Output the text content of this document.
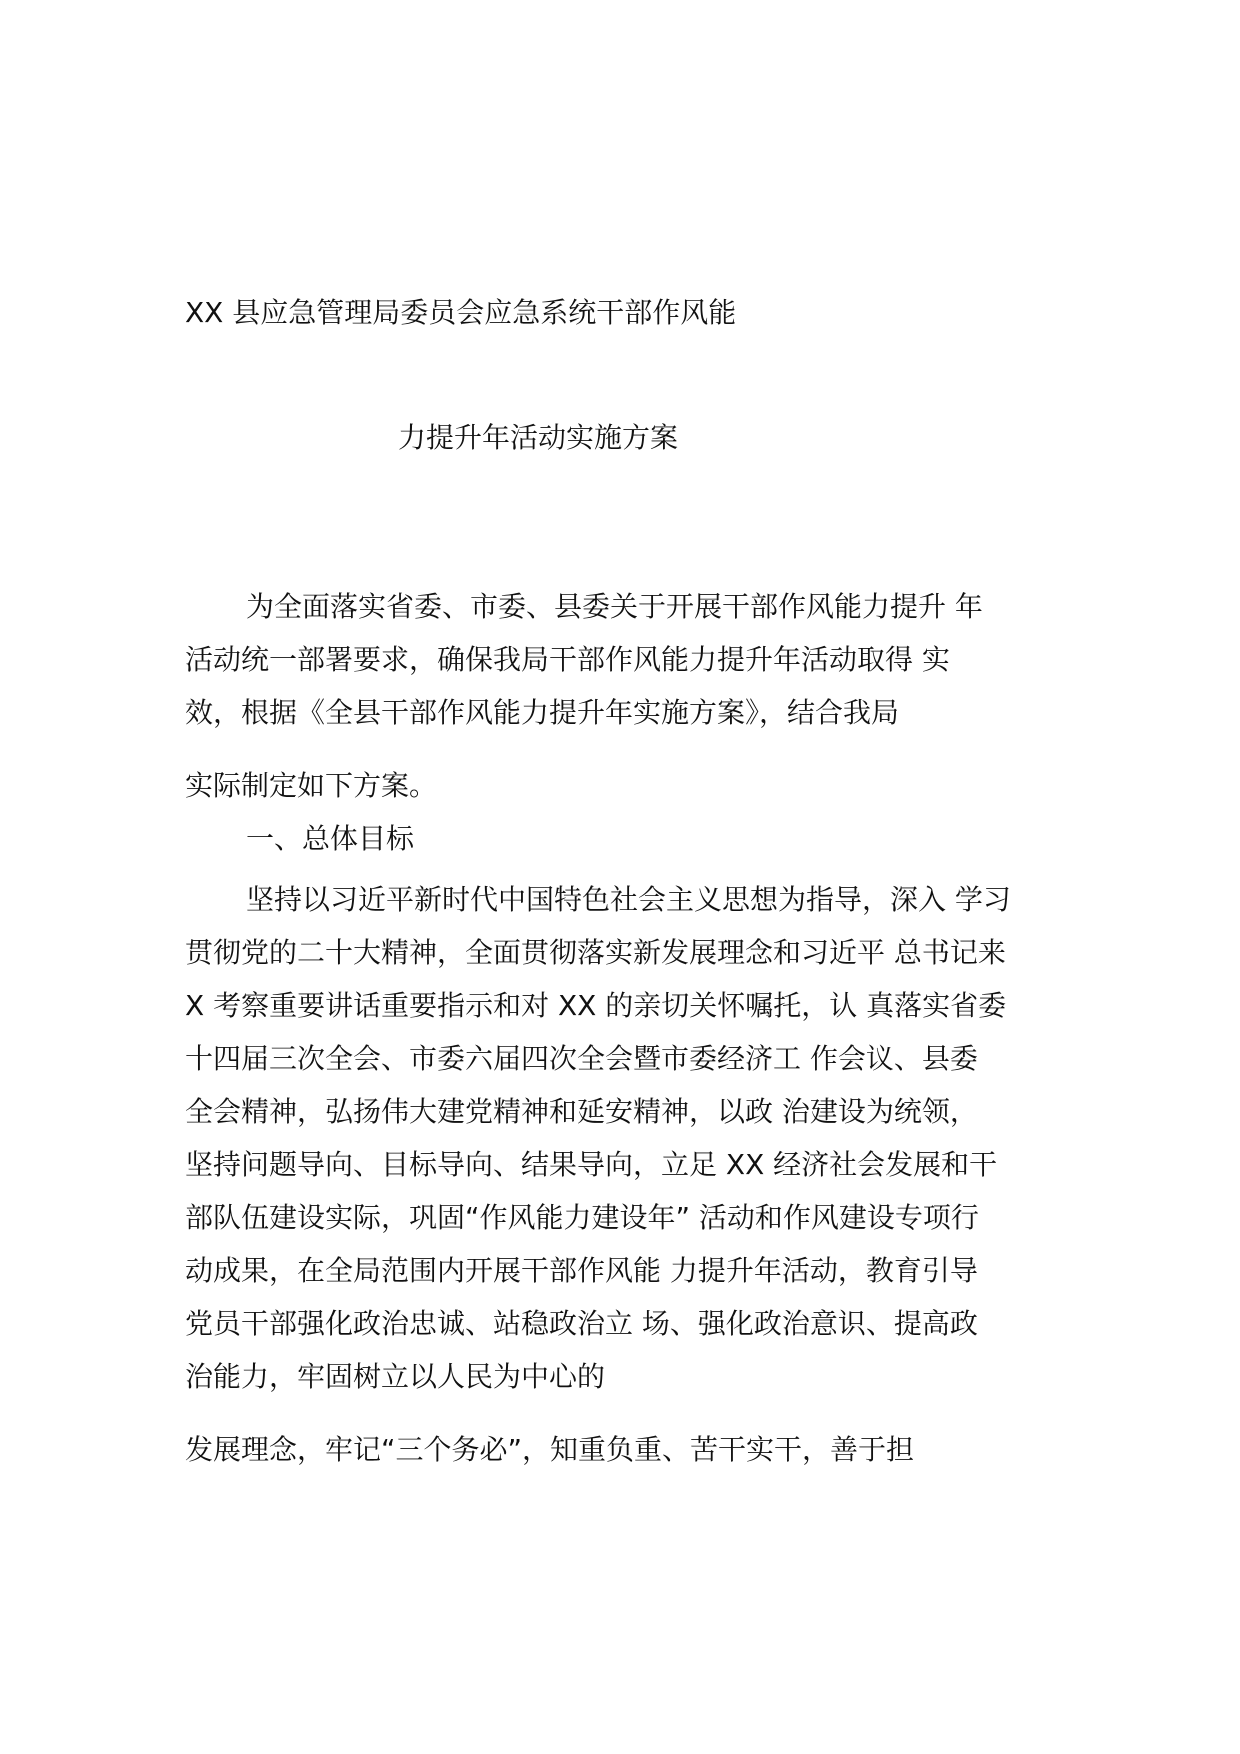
XX 县应急管理局委员会应急系统干部作风能

力提升年活动实施方案

为全面落实省委、市委、县委关于开展干部作风能力提升 年

活动统一部署要求，确保我局干部作风能力提升年活动取得 实

效，根据《全县干部作风能力提升年实施方案》，结合我局

实际制定如下方案。

一、总体目标

坚持以习近平新时代中国特色社会主义思想为指导，深入 学习

贯彻党的二十大精神，全面贯彻落实新发展理念和习近平 总书记来

X 考察重要讲话重要指示和对 XX 的亲切关怀嘱托，认 真落实省委

十四届三次全会、市委六届四次全会暨市委经济工 作会议、县委

全会精神，弘扬伟大建党精神和延安精神，以政 治建设为统领，

坚持问题导向、目标导向、结果导向，立足 XX 经济社会发展和干

部队伍建设实际，巩固“作风能力建设年” 活动和作风建设专项行

动成果，在全局范围内开展干部作风能 力提升年活动，教育引导

党员干部强化政治忠诚、站稳政治立 场、强化政治意识、提高政

治能力，牢固树立以人民为中心的

发展理念，牢记“三个务必”，知重负重、苦干实干，善于担
